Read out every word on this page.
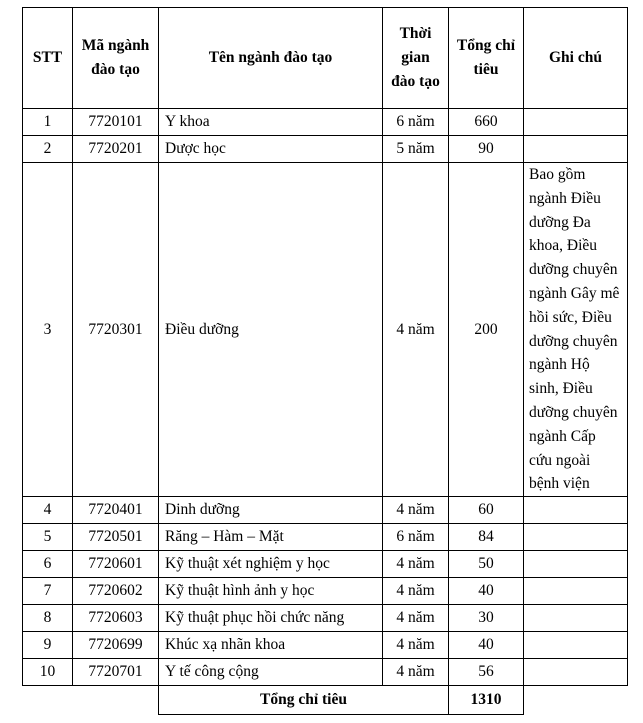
STT	Mã ngành đào tạo	Tên ngành đào tạo	Thời gian đào tạo	Tổng chỉ tiêu	Ghi chú
1	7720101	Y khoa	6 năm	660	
2	7720201	Dược học	5 năm	90	
3	7720301	Điều dưỡng	4 năm	200	Bao gồm ngành Điều dưỡng Đa khoa, Điều dưỡng chuyên ngành Gây mê hồi sức, Điều dưỡng chuyên ngành Hộ sinh, Điều dưỡng chuyên ngành Cấp cứu ngoài bệnh viện
4	7720401	Dinh dưỡng	4 năm	60	
5	7720501	Răng – Hàm – Mặt	6 năm	84	
6	7720601	Kỹ thuật xét nghiệm y học	4 năm	50	
7	7720602	Kỹ thuật hình ảnh y học	4 năm	40	
8	7720603	Kỹ thuật phục hồi chức năng	4 năm	30	
9	7720699	Khúc xạ nhãn khoa	4 năm	40	
10	7720701	Y tế công cộng	4 năm	56	
		Tổng chỉ tiêu		1310	
